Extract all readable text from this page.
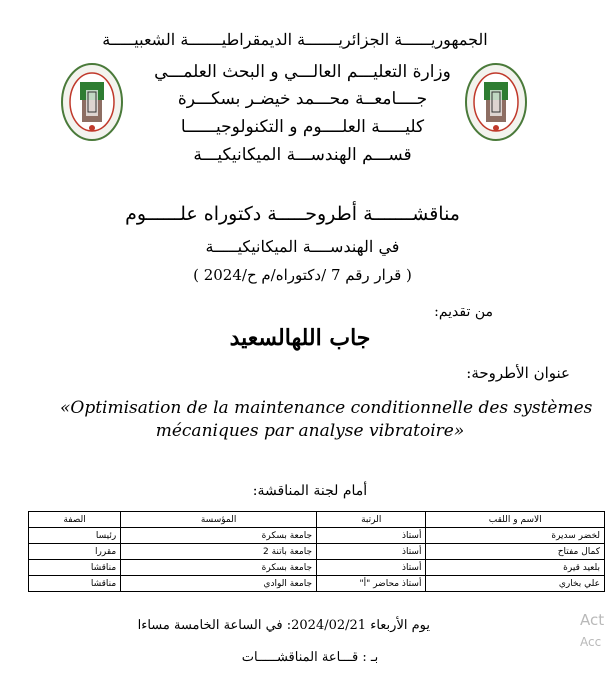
الجمهوريــــــة الجزائريـــــــة الديمقراطيـــــــة الشعبيـــــة
وزارة التعليـــم العالـــي و البحث العلمـــي
جــــامعــة محـــمد خيضـر بسكـــرة
كليـــــة العلــــوم و التكنولوجيــــــا
قســـم الهندســـة الميكانيكيـــة
مناقشـــــــة أطروحـــــة دكتوراه علــــــوم
في الهندســــة الميكانيكيـــــة
( قرار رقم 7 /دكتوراه/م ح/2024 )
من تقديم:
جاب اللهالسعيد
عنوان الأطروحة:
«Optimisation de la maintenance conditionnelle des systèmes
mécaniques par analyse vibratoire»
أمام لجنة المناقشة:
الاسم و اللقب	الرتبة	المؤسسة	الصفة
لخضر سديرة	أستاذ	جامعة بسكرة	رئيسا
كمال مفتاح	أستاذ	جامعة باتنة 2	مقررا
بلعيد قيرة	أستاذ	جامعة بسكرة	مناقشا
علي بخاري	أستاذ محاضر "أ"	جامعة الوادي	مناقشا
يوم الأربعاء 2024/02/21: في الساعة الخامسة مساءا
بـ : قـــاعة المناقشـــــات
Act
Acc
